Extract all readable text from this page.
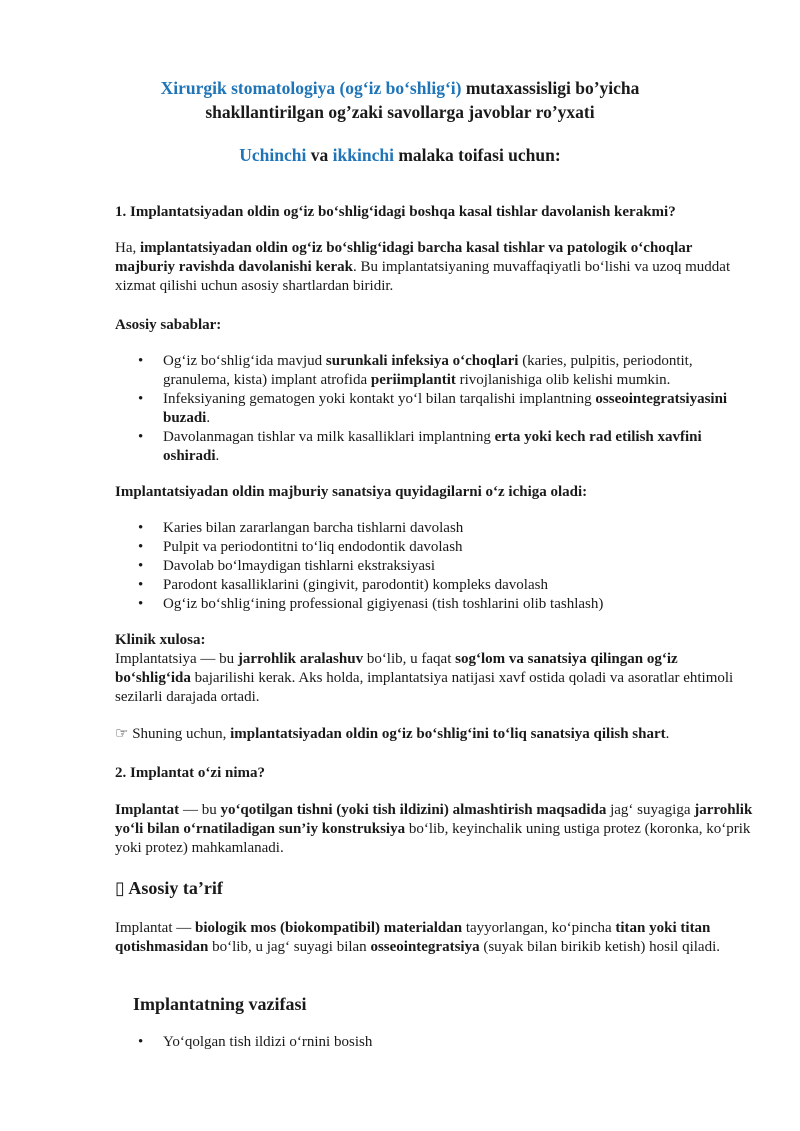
Xirurgik stomatologiya (og‘iz bo‘shlig‘i) mutaxassisligi bo’yicha
shakllantirilgan og’zaki savollarga javoblar ro’yxati
Uchinchi va ikkinchi malaka toifasi uchun:
1. Implantatsiyadan oldin og‘iz bo‘shlig‘idagi boshqa kasal tishlar davolanish kerakmi?
Ha, implantatsiyadan oldin og‘iz bo‘shlig‘idagi barcha kasal tishlar va patologik o‘choqlar majburiy ravishda davolanishi kerak. Bu implantatsiyaning muvaffaqiyatli bo‘lishi va uzoq muddat xizmat qilishi uchun asosiy shartlardan biridir.
Asosiy sabablar:
• Og‘iz bo‘shlig‘ida mavjud surunkali infeksiya o‘choqlari (karies, pulpitis, periodontit, granulema, kista) implant atrofida periimplantit rivojlanishiga olib kelishi mumkin.
• Infeksiyaning gematogen yoki kontakt yo‘l bilan tarqalishi implantning osseointegratsiyasini buzadi.
• Davolanmagan tishlar va milk kasalliklari implantning erta yoki kech rad etilish xavfini oshiradi.
Implantatsiyadan oldin majburiy sanatsiya quyidagilarni o‘z ichiga oladi:
• Karies bilan zararlangan barcha tishlarni davolash
• Pulpit va periodontitni to‘liq endodontik davolash
• Davolab bo‘lmaydigan tishlarni ekstraksiyasi
• Parodont kasalliklarini (gingivit, parodontit) kompleks davolash
• Og‘iz bo‘shlig‘ining professional gigiyenasi (tish toshlarini olib tashlash)
Klinik xulosa:
Implantatsiya — bu jarrohlik aralashuv bo‘lib, u faqat sog‘lom va sanatsiya qilingan og‘iz bo‘shlig‘ida bajarilishi kerak. Aks holda, implantatsiya natijasi xavf ostida qoladi va asoratlar ehtimoli sezilarli darajada ortadi.
☞ Shuning uchun, implantatsiyadan oldin og‘iz bo‘shlig‘ini to‘liq sanatsiya qilish shart.
2. Implantat o‘zi nima?
Implantat — bu yo‘qotilgan tishni (yoki tish ildizini) almashtirish maqsadida jag‘ suyagiga jarrohlik yo‘li bilan o‘rnatiladigan sun’iy konstruksiya bo‘lib, keyinchalik uning ustiga protez (koronka, ko‘prik yoki protez) mahkamlanadi.
▯ Asosiy ta’rif
Implantat — biologik mos (biokompatibil) materialdan tayyorlangan, ko‘pincha titan yoki titan qotishmasidan bo‘lib, u jag‘ suyagi bilan osseointegratsiya (suyak bilan birikib ketish) hosil qiladi.
Implantatning vazifasi
• Yo‘qolgan tish ildizi o‘rnini bosish
